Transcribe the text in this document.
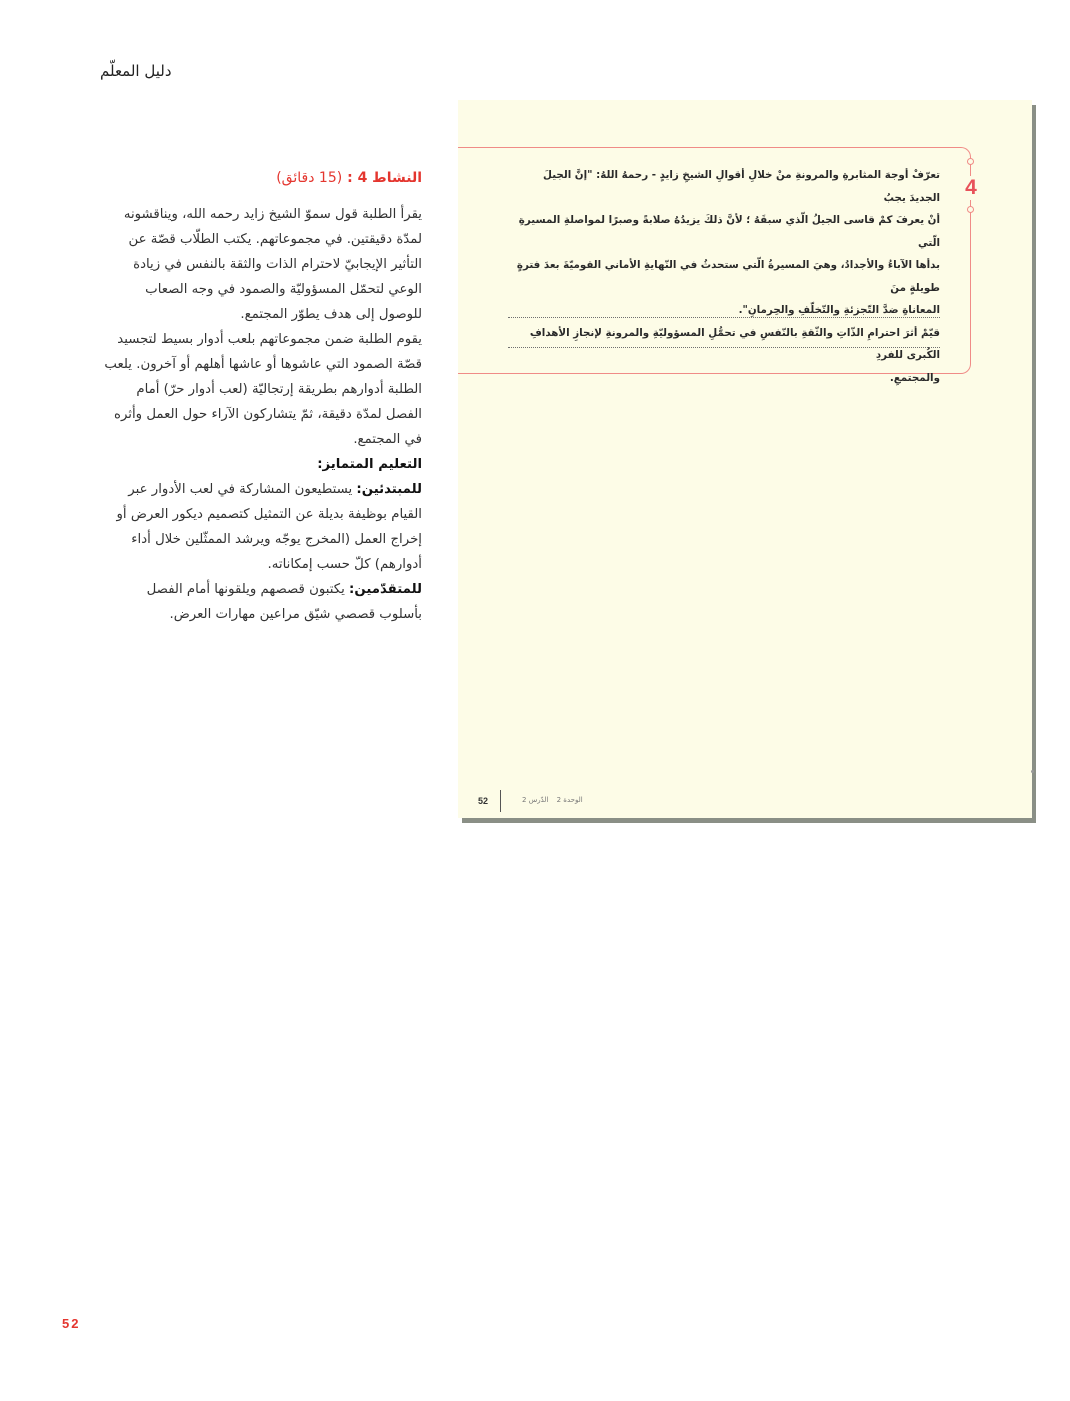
دليل المعلّم

النشاط 4 : (15 دقائق)

يقرأ الطلبة قول سموّ الشيخ زايد رحمه الله، ويناقشونه لمدّة دقيقتين. في مجموعاتهم. يكتب الطلّاب قصّة عن التأثير الإيجابيّ لاحترام الذات والثقة بالنفس في زيادة الوعي لتحمّل المسؤوليّة والصمود في وجه الصعاب للوصول إلى هدف يطوّر المجتمع.

يقوم الطلبة ضمن مجموعاتهم بلعب أدوار بسيط لتجسيد قصّة الصمود التي عاشوها أو عاشها أهلهم أو آخرون. يلعب الطلبة أدوارهم بطريقة إرتجاليّة (لعب أدوار حرّ) أمام الفصل لمدّة دقيقة، ثمّ يتشاركون الآراء حول العمل وأثره في المجتمع.

التعليم المتمايز:

للمبتدئين: يستطيعون المشاركة في لعب الأدوار عبر القيام بوظيفة بديلة عن التمثيل كتصميم ديكور العرض أو إخراج العمل (المخرج يوجّه ويرشد الممثّلين خلال أداء أدوارهم) كلّ حسب إمكاناته.

للمتقدّمين: يكتبون قصصهم ويلقونها أمام الفصل بأسلوب قصصي شيّق مراعين مهارات العرض.

4
تعرّفْ أوجهَ المثابرةِ والمرونةِ منْ خلالِ أقوالِ الشيخِ زايدٍ - رحمهُ اللهُ: "إنَّ الجيلَ الجديدَ يجبُ
أنْ يعرفَ كمْ قاسى الجيلُ الّذي سبقَهُ ؛ لأنَّ ذلكَ يزيدُهُ صلابةً وصبرًا لمواصلةِ المسيرةِ الّتي
بدأها الآباءُ والأجدادُ، وهيَ المسيرةُ الّتي ستحدثُ في النّهايةِ الأماني القوميّةَ بعدَ فترةٍ طويلةٍ منَ
المعاناةِ ضدَّ التّجزئةِ والتّخلّفِ والحِرمانِ".
قيّمْ أثرَ احترامِ الذّاتِ والثّقةِ بالنّفسِ في تحمُّلِ المسؤوليّةِ والمرونةِ لإنجازِ الأهدافِ الكُبرى للفردِ
والمجتمعِ.
52	الوحدة 2 الدّرس 2
52
